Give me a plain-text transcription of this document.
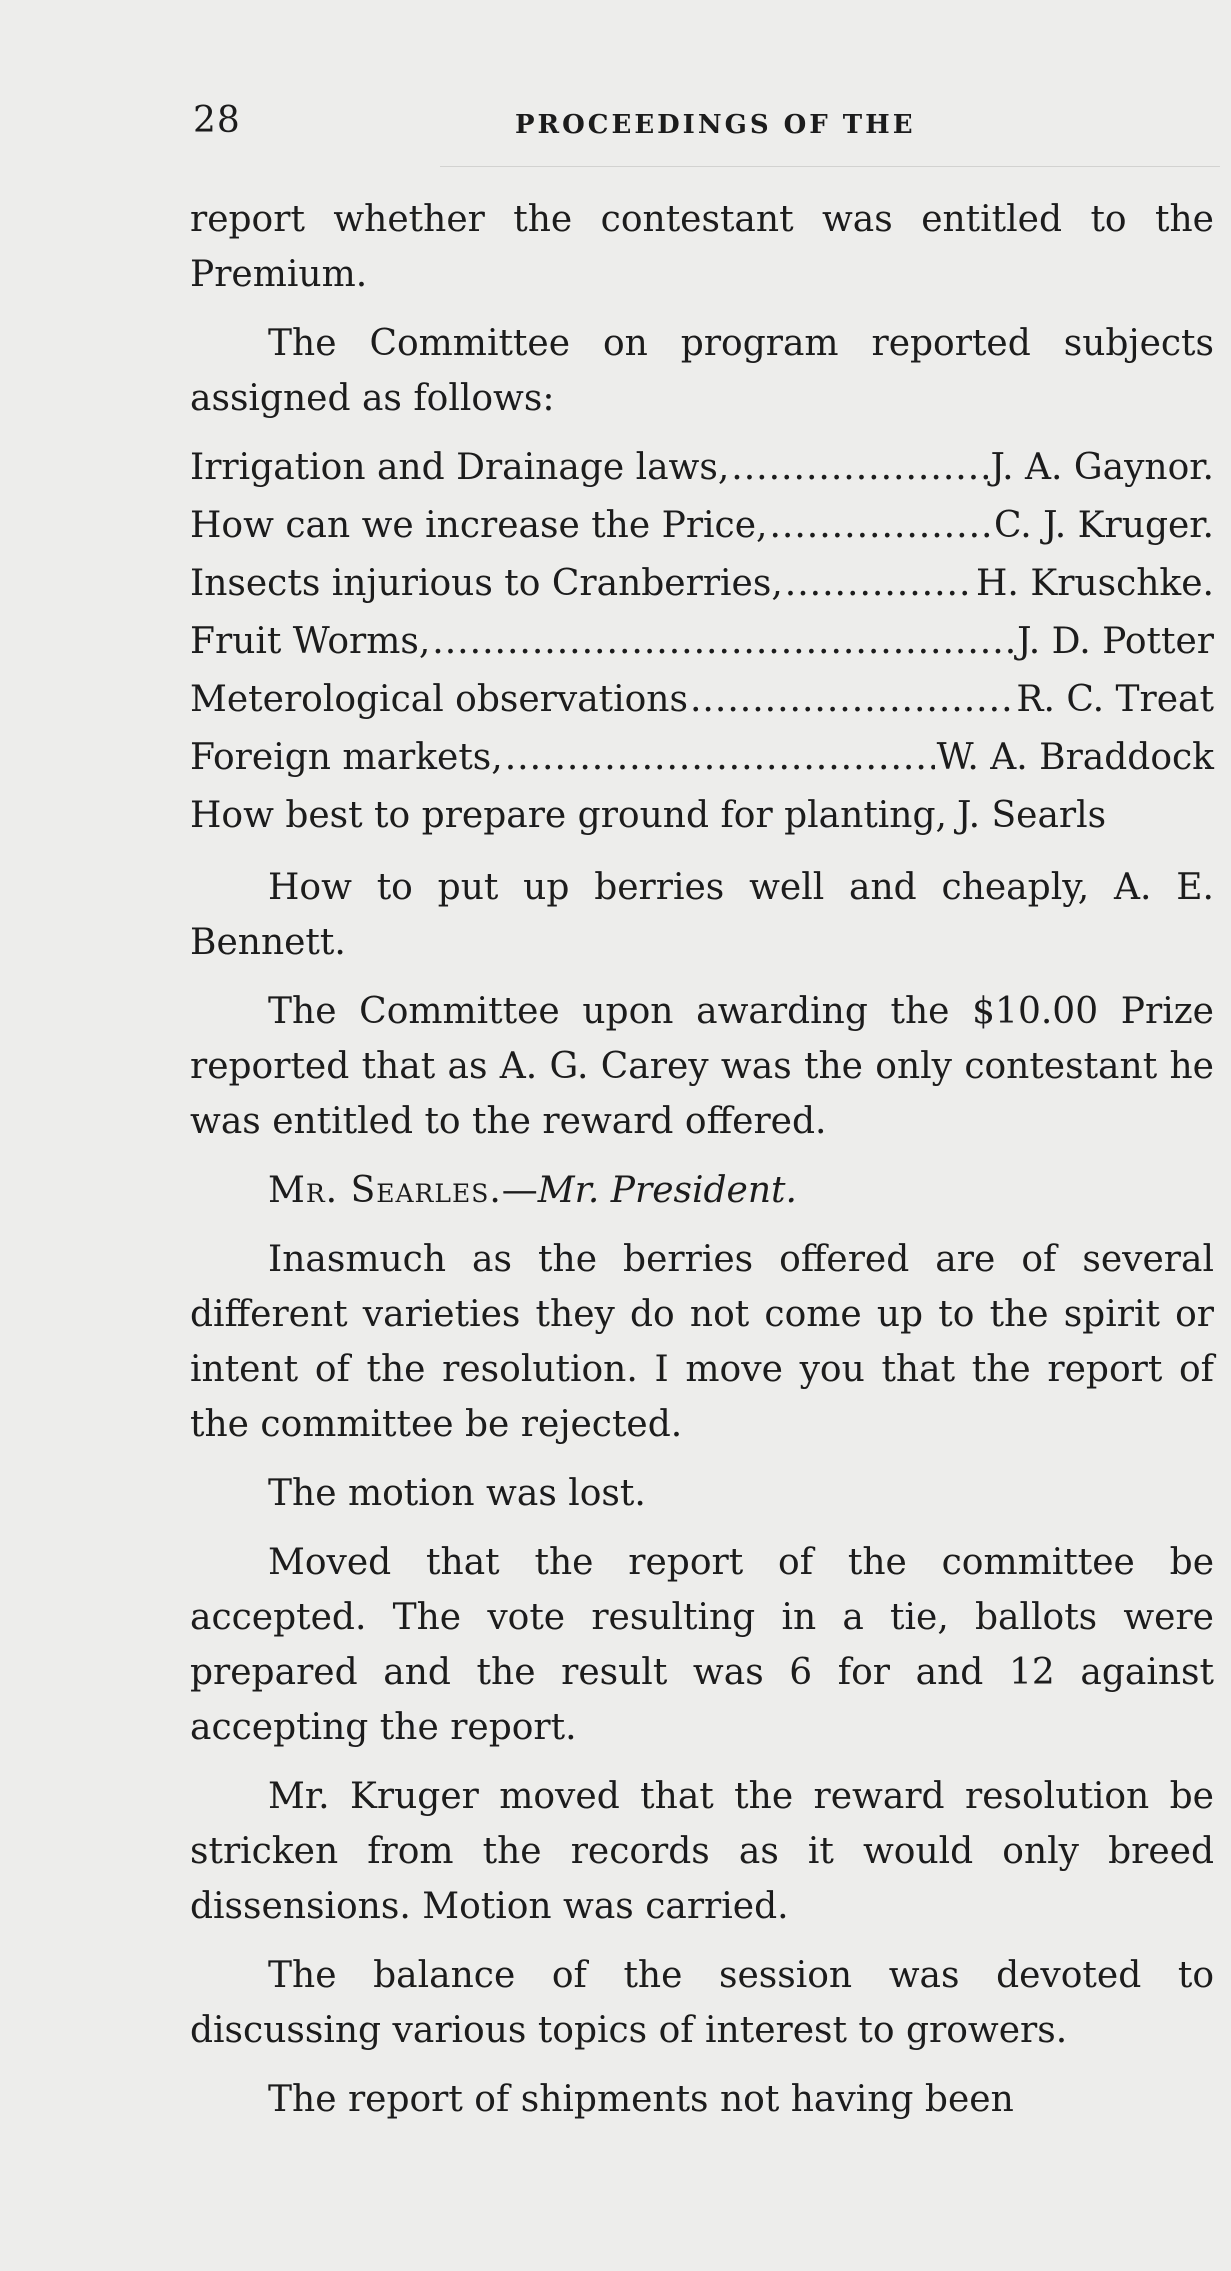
28	PROCEEDINGS OF THE

report whether the contestant was entitled to the Premium.

The Committee on program reported subjects assigned as follows:

Irrigation and Drainage laws, .....	J. A. Gaynor.
How can we increase the Price, .....	C. J. Kruger.
Insects injurious to Cranberries, .....	H. Kruschke.
Fruit Worms, .....	J. D. Potter
Meterological observations .....	R. C. Treat
Foreign markets, .....	W. A. Braddock
How best to prepare ground for planting, J. Searls

How to put up berries well and cheaply, A. E. Bennett.

The Committee upon awarding the $10.00 Prize reported that as A. G. Carey was the only contestant he was entitled to the reward offered.

Mr. Searles.—Mr. President.

Inasmuch as the berries offered are of several different varieties they do not come up to the spirit or intent of the resolution. I move you that the report of the committee be rejected.

The motion was lost.

Moved that the report of the committee be accepted. The vote resulting in a tie, ballots were prepared and the result was 6 for and 12 against accepting the report.

Mr. Kruger moved that the reward resolution be stricken from the records as it would only breed dissensions. Motion was carried.

The balance of the session was devoted to discussing various topics of interest to growers.

The report of shipments not having been
